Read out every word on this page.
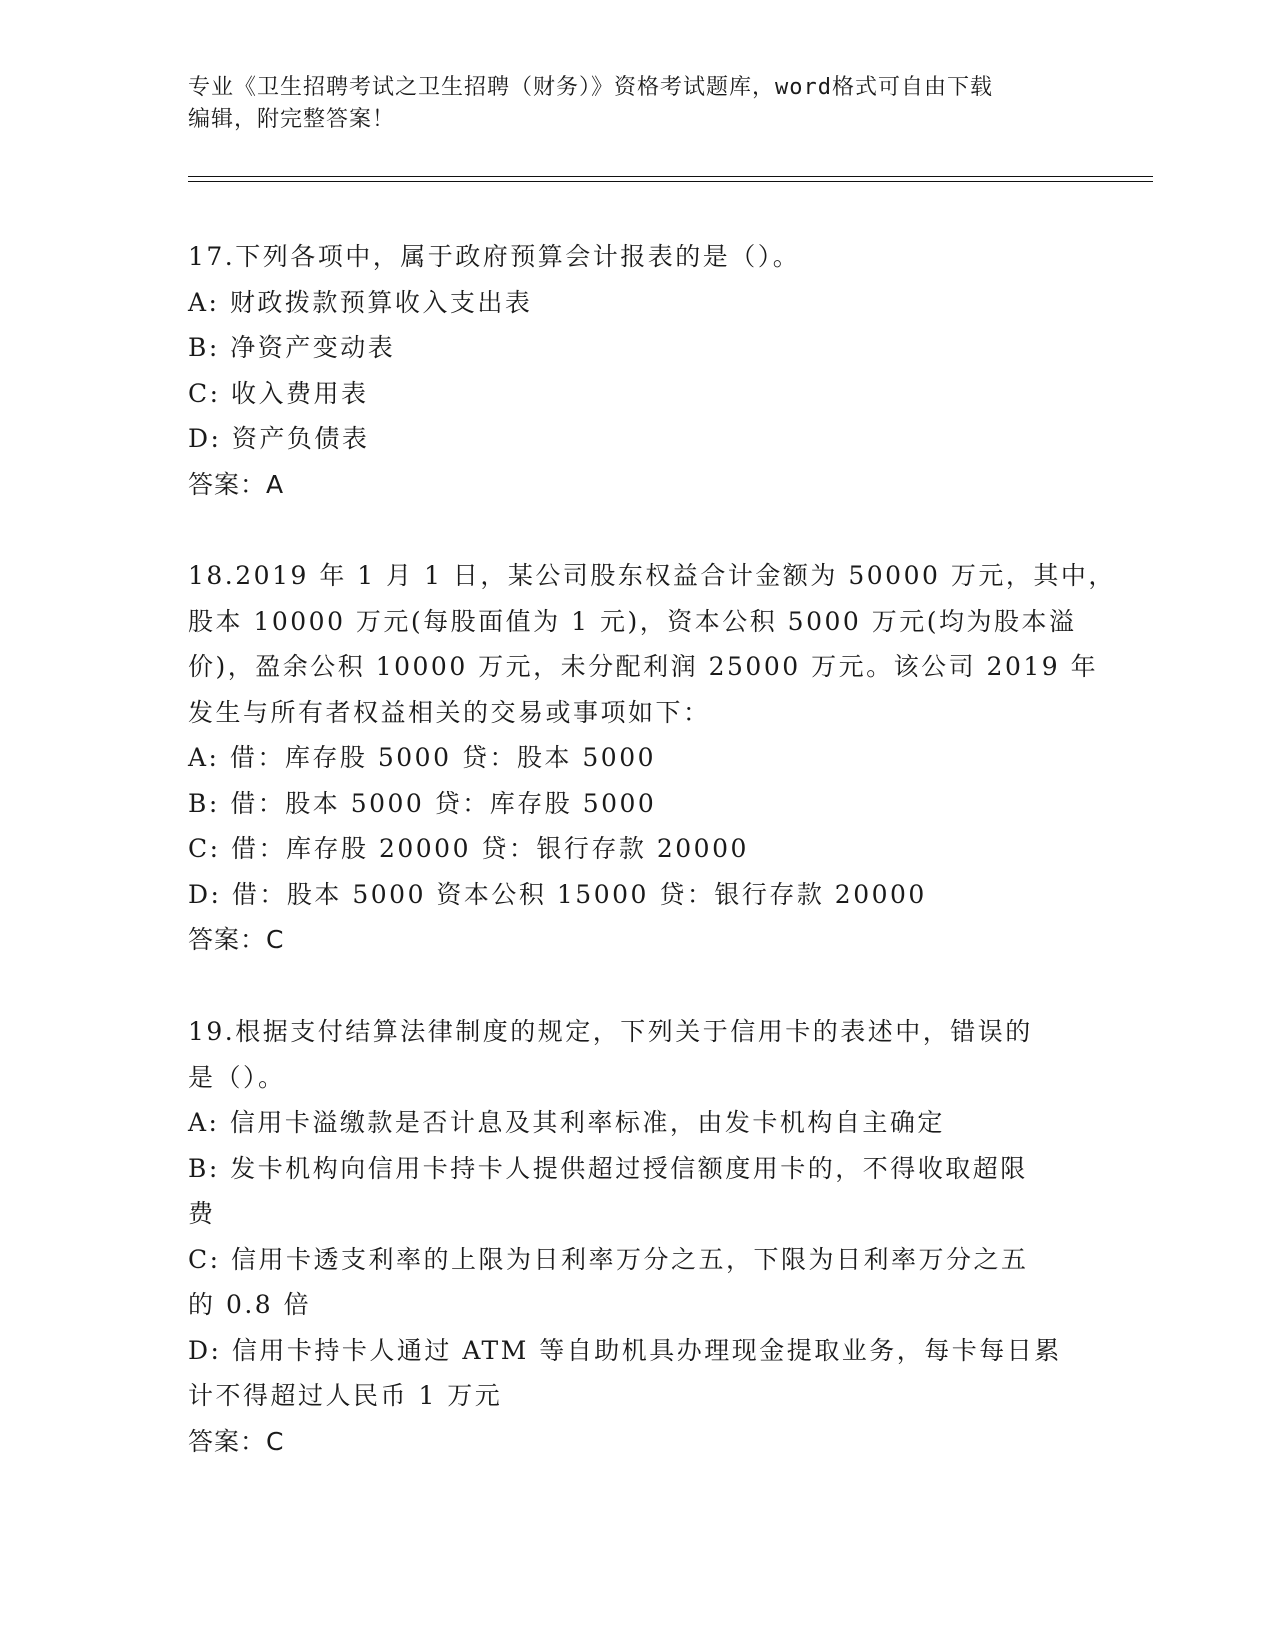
专业《卫生招聘考试之卫生招聘（财务）》资格考试题库，word格式可自由下载
编辑，附完整答案！
17.下列各项中，属于政府预算会计报表的是（）。
A: 财政拨款预算收入支出表
B: 净资产变动表
C: 收入费用表
D: 资产负债表
答案：A
18.2019 年 1 月 1 日，某公司股东权益合计金额为 50000 万元，其中，
股本 10000 万元(每股面值为 1 元)，资本公积 5000 万元(均为股本溢
价)，盈余公积 10000 万元，未分配利润 25000 万元。该公司 2019 年
发生与所有者权益相关的交易或事项如下：
A: 借：库存股 5000 贷：股本 5000
B: 借：股本 5000 贷：库存股 5000
C: 借：库存股 20000 贷：银行存款 20000
D: 借：股本 5000 资本公积 15000 贷：银行存款 20000
答案：C
19.根据支付结算法律制度的规定，下列关于信用卡的表述中，错误的
是（）。
A: 信用卡溢缴款是否计息及其利率标准，由发卡机构自主确定
B: 发卡机构向信用卡持卡人提供超过授信额度用卡的，不得收取超限
费
C: 信用卡透支利率的上限为日利率万分之五，下限为日利率万分之五
的 0.8 倍
D: 信用卡持卡人通过 ATM 等自助机具办理现金提取业务，每卡每日累
计不得超过人民币 1 万元
答案：C
